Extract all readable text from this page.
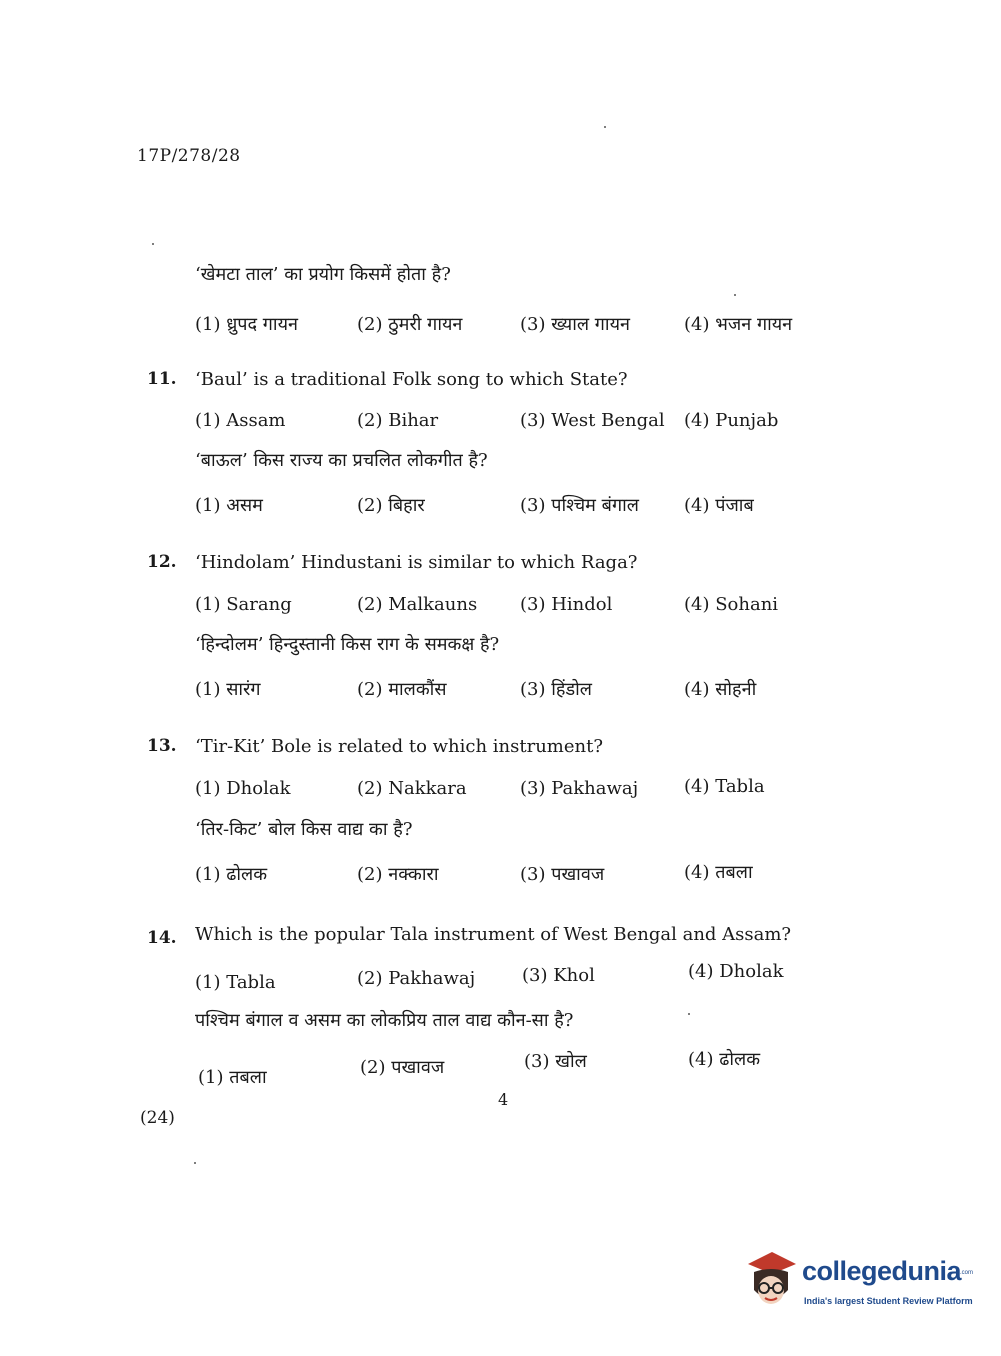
17P/278/28
‘खेमटा ताल’ का प्रयोग किसमें होता है?
(1) ध्रुपद गायन	(2) ठुमरी गायन	(3) ख्याल गायन	(4) भजन गायन
11. ‘Baul’ is a traditional Folk song to which State?
(1) Assam	(2) Bihar	(3) West Bengal (4) Punjab
‘बाऊल’ किस राज्य का प्रचलित लोकगीत है?
(1) असम	(2) बिहार	(3) पश्चिम बंगाल	(4) पंजाब
12. ‘Hindolam’ Hindustani is similar to which Raga?
(1) Sarang	(2) Malkauns (3) Hindol	(4) Sohani
‘हिन्दोलम’ हिन्दुस्तानी किस राग के समकक्ष है?
(1) सारंग	(2) मालकौंस	(3) हिंडोल	(4) सोहनी
13. ‘Tir-Kit’ Bole is related to which instrument?
(1) Dholak	(2) Nakkara	(3) Pakhawaj	(4) Tabla
‘तिर-किट’ बोल किस वाद्य का है?
(1) ढोलक	(2) नक्कारा	(3) पखावज	(4) तबला
14. Which is the popular Tala instrument of West Bengal and Assam?
(1) Tabla	(2) Pakhawaj	(3) Khol	(4) Dholak
पश्चिम बंगाल व असम का लोकप्रिय ताल वाद्य कौन-सा है?
(1) तबला	(2) पखावज	(3) खोल	(4) ढोलक
4
(24)
collegedunia
.com
India's largest Student Review Platform
